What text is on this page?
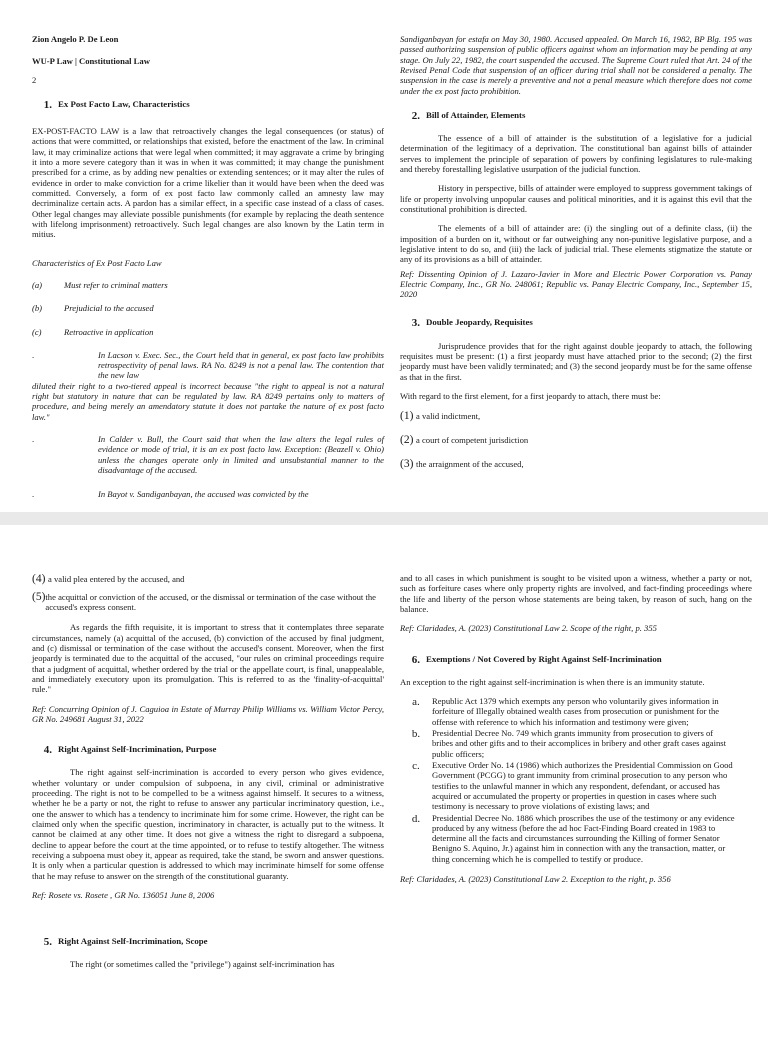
Zion Angelo P. De Leon
WU-P Law | Constitutional Law
2
1. Ex Post Facto Law, Characteristics

EX-POST-FACTO LAW is a law that retroactively changes the legal consequences (or status) of actions that were committed, or relationships that existed, before the enactment of the law. In criminal law, it may criminalize actions that were legal when committed; it may aggravate a crime by bringing it into a more severe category than it was in when it was committed; it may change the punishment prescribed for a crime, as by adding new penalties or extending sentences; or it may alter the rules of evidence in order to make conviction for a crime likelier than it would have been when the deed was committed. Conversely, a form of ex post facto law commonly called an amnesty law may decriminalize certain acts. A pardon has a similar effect, in a specific case instead of a class of cases. Other legal changes may alleviate possible punishments (for example by replacing the death sentence with lifelong imprisonment) retroactively. Such legal changes are also known by the Latin term in mitius.

Characteristics of Ex Post Facto Law

(a)	Must refer to criminal matters
(b)	Prejudicial to the accused
(c)	Retroactive in application
.	In Lacson v. Exec. Sec., the Court held that in general, ex post facto law prohibits retrospectivity of penal laws. RA No. 8249 is not a penal law. The contention that the new law

diluted their right to a two-tiered appeal is incorrect because "the right to appeal is not a natural right but statutory in nature that can be regulated by law. RA 8249 pertains only to matters of procedure, and being merely an amendatory statute it does not partake the nature of ex post facto law."

.	In Calder v. Bull, the Court said that when the law alters the legal rules of evidence or mode of trial, it is an ex post facto law. Exception: (Beazell v. Ohio) unless the changes operate only in limited and unsubstantial manner to the disadvantage of the accused.
.	In Bayot v. Sandiganbayan, the accused was convicted by the

Sandiganbayan for estafa on May 30, 1980. Accused appealed. On March 16, 1982, BP Blg. 195 was passed authorizing suspension of public officers against whom an information may be pending at any stage. On July 22, 1982, the court suspended the accused. The Supreme Court ruled that Art. 24 of the Revised Penal Code that suspension of an officer during trial shall not be considered a penalty. The suspension in the case is merely a preventive and not a penal measure which therefore does not come under the ex post facto prohibition.

2. Bill of Attainder, Elements

The essence of a bill of attainder is the substitution of a legislative for a judicial determination of the legitimacy of a deprivation. The constitutional ban against bills of attainder serves to implement the principle of separation of powers by confining legislatures to rule-making and thereby forestalling legislative usurpation of the judicial function.

History in perspective, bills of attainder were employed to suppress government takings of life or property involving unpopular causes and political minorities, and it is against this evil that the constitutional prohibition is directed.

The elements of a bill of attainder are: (i) the singling out of a definite class, (ii) the imposition of a burden on it, without or far outweighing any non-punitive legislative purpose, and a legislative intent to do so, and (iii) the lack of judicial trial. These elements stigmatize the statute or any of its provisions as a bill of attainder.

Ref: Dissenting Opinion of J. Lazaro-Javier in More and Electric Power Corporation vs. Panay Electric Company, Inc., GR No. 248061; Republic vs. Panay Electric Company, Inc., September 15, 2020

3. Double Jeopardy, Requisites

Jurisprudence provides that for the right against double jeopardy to attach, the following requisites must be present: (1) a first jeopardy must have attached prior to the second; (2) the first jeopardy must have been validly terminated; and (3) the second jeopardy must be for the same offense as that in the first.

With regard to the first element, for a first jeopardy to attach, there must be:

(1) a valid indictment,
(2) a court of competent jurisdiction
(3) the arraignment of the accused,
(4) a valid plea entered by the accused, and
(5) the acquittal or conviction of the accused, or the dismissal or termination of the case without the accused's express consent.

As regards the fifth requisite, it is important to stress that it contemplates three separate circumstances, namely (a) acquittal of the accused, (b) conviction of the accused by final judgment, and (c) dismissal or termination of the case without the accused's consent. Moreover, when the first jeopardy is terminated due to the acquittal of the accused, "our rules on criminal proceedings require that a judgment of acquittal, whether ordered by the trial or the appellate court, is final, unappealable, and immediately executory upon its promulgation. This is referred to as the 'finality-of-acquittal' rule."

Ref: Concurring Opinion of J. Caguioa in Estate of Murray Philip Williams vs. William Victor Percy, GR No. 249681 August 31, 2022

4. Right Against Self-Incrimination, Purpose

The right against self-incrimination is accorded to every person who gives evidence, whether voluntary or under compulsion of subpoena, in any civil, criminal or administrative proceeding. The right is not to be compelled to be a witness against himself. It secures to a witness, whether he be a party or not, the right to refuse to answer any particular incriminatory question, i.e., one the answer to which has a tendency to incriminate him for some crime. However, the right can be claimed only when the specific question, incriminatory in character, is actually put to the witness. It cannot be claimed at any other time. It does not give a witness the right to disregard a subpoena, decline to appear before the court at the time appointed, or to refuse to testify altogether. The witness receiving a subpoena must obey it, appear as required, take the stand, be sworn and answer questions. It is only when a particular question is addressed to which may incriminate himself for some offense that he may refuse to answer on the strength of the constitutional guaranty.

Ref: Rosete vs. Rosete , GR No. 136051 June 8, 2006

5. Right Against Self-Incrimination, Scope

The right (or sometimes called the "privilege") against self-incrimination has

and to all cases in which punishment is sought to be visited upon a witness, whether a party or not, such as forfeiture cases where only property rights are involved, and fact-finding proceedings where the life and liberty of the person whose statements are being taken, by reason of such, hang on the balance.

Ref: Claridades, A. (2023) Constitutional Law 2. Scope of the right, p. 355

6. Exemptions / Not Covered by Right Against Self-Incrimination

An exception to the right against self-incrimination is when there is an immunity statute.

a.	Republic Act 1379 which exempts any person who voluntarily gives information in forfeiture of Illegally obtained wealth cases from prosecution or punishment for the offense with reference to which his information and testimony were given;
b.	Presidential Decree No. 749 which grants immunity from prosecution to givers of bribes and other gifts and to their accomplices in bribery and other graft cases against public officers;
c.	Executive Order No. 14 (1986) which authorizes the Presidential Commission on Good Government (PCGG) to grant immunity from criminal prosecution to any person who testifies to the unlawful manner in which any respondent, defendant, or accused has acquired or accumulated the property or properties in question in cases where such testimony is necessary to prove violations of existing laws; and
d.	Presidential Decree No. 1886 which proscribes the use of the testimony or any evidence produced by any witness (before the ad hoc Fact-Finding Board created in 1983 to determine all the facts and circumstances surrounding the Killing of former Senator Benigno S. Aquino, Jr.) against him in connection with any the transaction, matter, or thing concerning which he is compelled to testify or produce.

Ref: Claridades, A. (2023) Constitutional Law 2. Exception to the right, p. 356
